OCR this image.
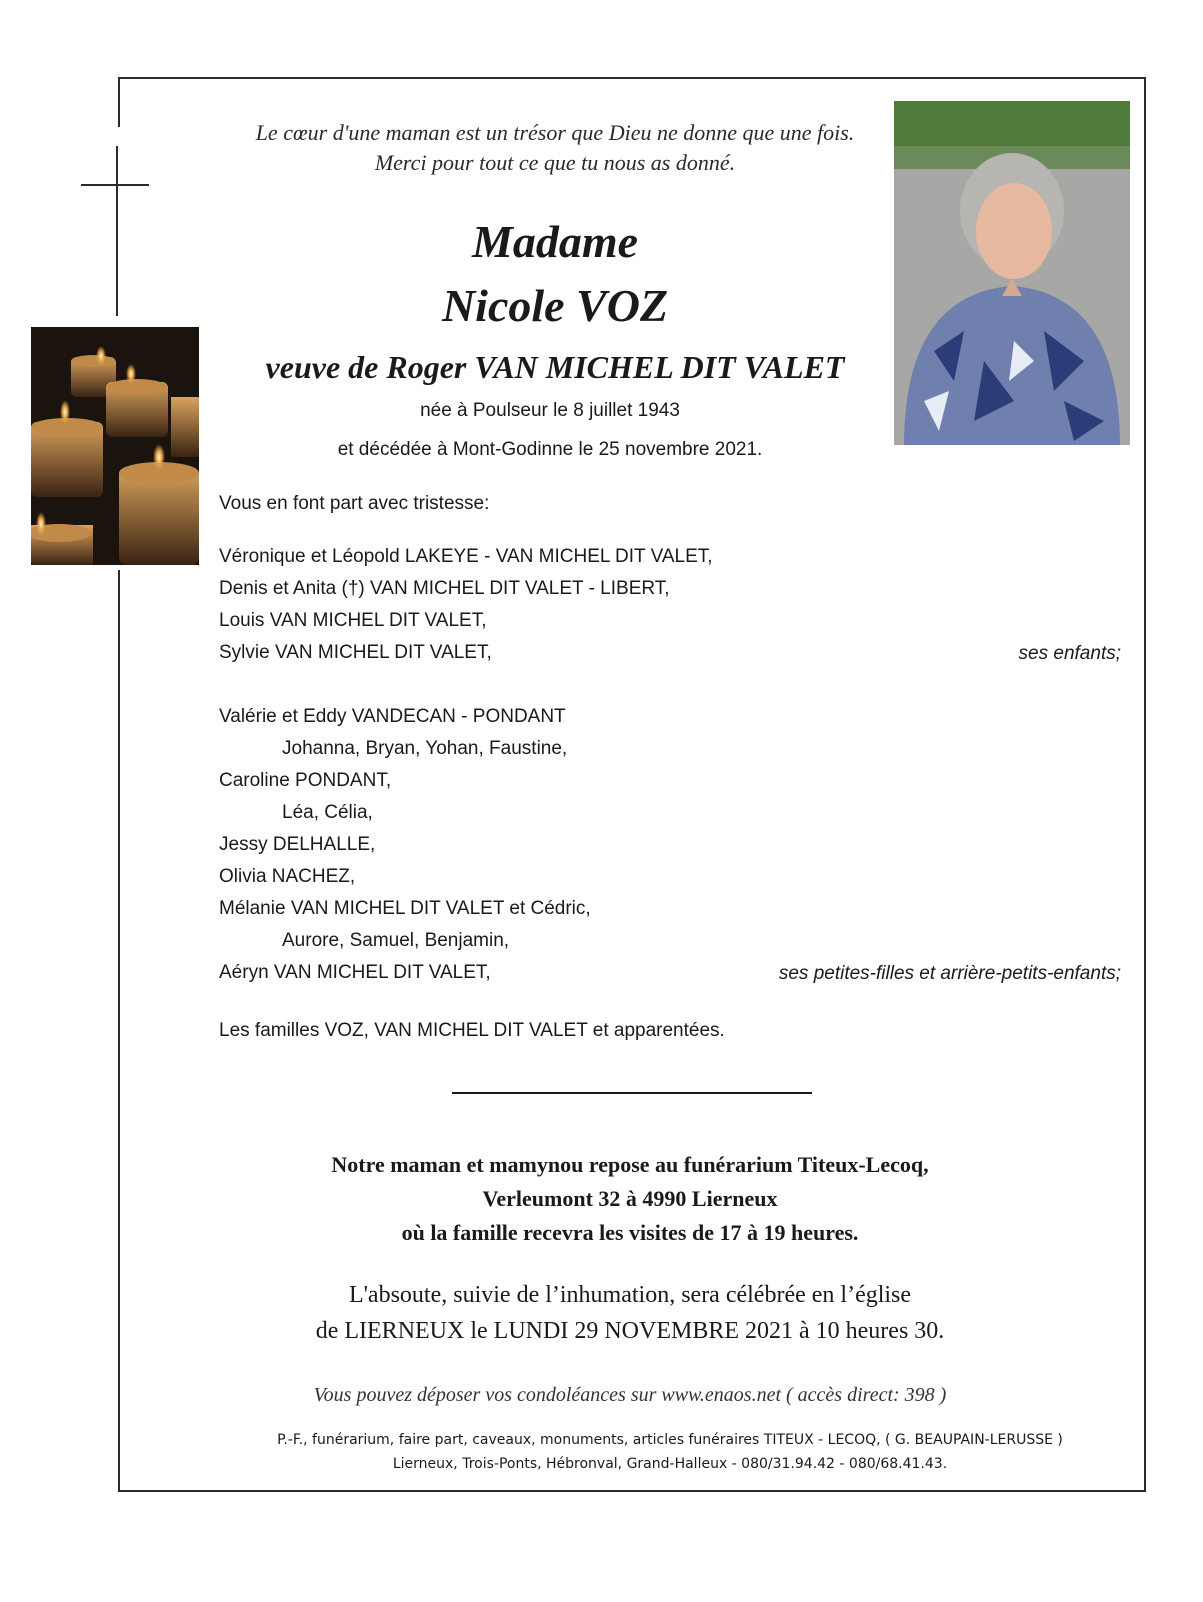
Le cœur d'une maman est un trésor que Dieu ne donne que une fois.
Merci pour tout ce que tu nous as donné.
Madame
Nicole VOZ
veuve de Roger VAN MICHEL DIT VALET
née à Poulseur le 8 juillet 1943
et décédée à Mont-Godinne le 25 novembre 2021.
Vous en font part avec tristesse:
Véronique et Léopold LAKEYE - VAN MICHEL DIT VALET,
Denis et Anita (†) VAN MICHEL DIT VALET - LIBERT,
Louis VAN MICHEL DIT VALET,
Sylvie VAN MICHEL DIT VALET,	ses enfants;
Valérie et Eddy VANDECAN - PONDANT
Johanna, Bryan, Yohan, Faustine,
Caroline PONDANT,
Léa, Célia,
Jessy DELHALLE,
Olivia NACHEZ,
Mélanie VAN MICHEL DIT VALET et Cédric,
Aurore, Samuel, Benjamin,
Aéryn VAN MICHEL DIT VALET,	ses petites-filles et arrière-petits-enfants;
Les familles VOZ, VAN MICHEL DIT VALET et apparentées.
Notre maman et mamynou repose au funérarium Titeux-Lecoq,
Verleumont 32 à 4990 Lierneux
où la famille recevra les visites de 17 à 19 heures.
L'absoute, suivie de l’inhumation, sera célébrée en l’église
de LIERNEUX le LUNDI 29 NOVEMBRE 2021 à 10 heures 30.
Vous pouvez déposer vos condoléances sur www.enaos.net ( accès direct: 398 )
P.-F., funérarium, faire part, caveaux, monuments, articles funéraires TITEUX - LECOQ, ( G. BEAUPAIN-LERUSSE )
Lierneux, Trois-Ponts, Hébronval, Grand-Halleux - 080/31.94.42 - 080/68.41.43.
